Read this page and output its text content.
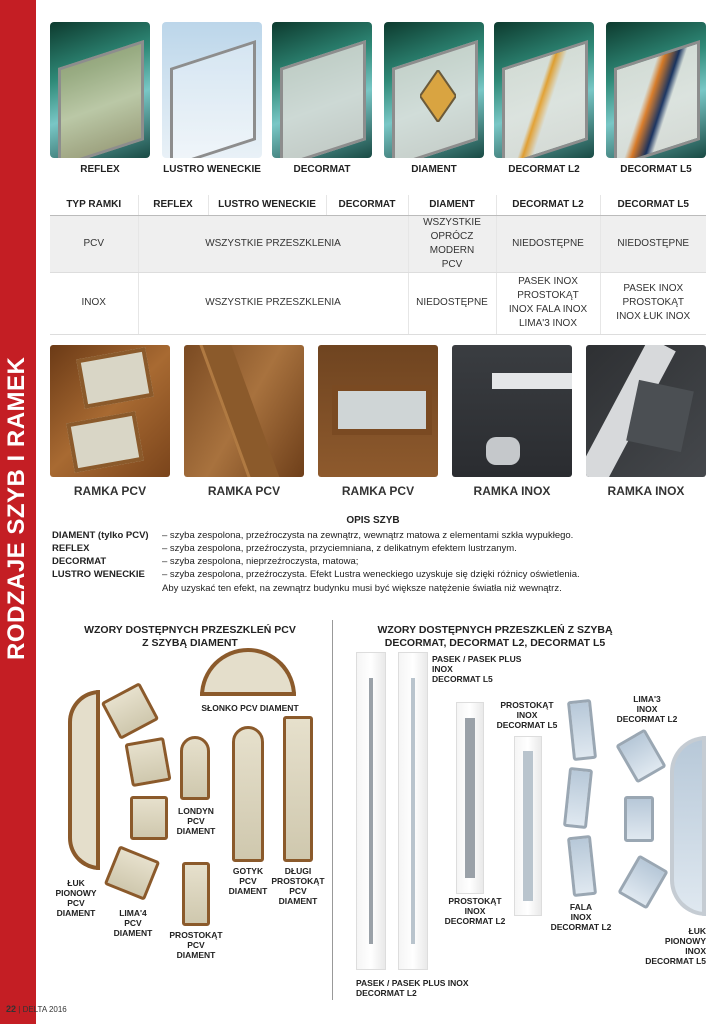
RODZAJE SZYB I RAMEK
REFLEX	LUSTRO WENECKIE	DECORMAT	DIAMENT	DECORMAT L2	DECORMAT L5
TYP RAMKI	REFLEX	LUSTRO WENECKIE	DECORMAT	DIAMENT	DECORMAT L2	DECORMAT L5
PCV	WSZYSTKIE PRZESZKLENIA			WSZYSTKIE OPRÓCZ MODERN PCV	NIEDOSTĘPNE	NIEDOSTĘPNE
INOX	WSZYSTKIE PRZESZKLENIA			NIEDOSTĘPNE	PASEK INOX PROSTOKĄT INOX FALA INOX LIMA'3 INOX	PASEK INOX PROSTOKĄT INOX ŁUK INOX
RAMKA PCV	RAMKA PCV	RAMKA PCV	RAMKA INOX	RAMKA INOX
OPIS SZYB
DIAMENT (tylko PCV) – szyba zespolona, przeźroczysta na zewnątrz, wewnątrz matowa z elementami szkła wypukłego.
REFLEX	– szyba zespolona, przeźroczysta, przyciemniana, z delikatnym efektem lustrzanym.
DECORMAT	– szyba zespolona, nieprzeźroczysta, matowa;
LUSTRO WENECKIE – szyba zespolona, przeźroczysta. Efekt Lustra weneckiego uzyskuje się dzięki różnicy oświetlenia.
Aby uzyskać ten efekt, na zewnątrz budynku musi być większe natężenie światła niż wewnątrz.
WZORY DOSTĘPNYCH PRZESZKLEŃ PCV
Z SZYBĄ DIAMENT
WZORY DOSTĘPNYCH PRZESZKLEŃ Z SZYBĄ
DECORMAT, DECORMAT L2, DECORMAT L5
SŁONKO PCV DIAMENT
LONDYN
PCV
DIAMENT
GOTYK
PCV
DIAMENT
DŁUGI
PROSTOKĄT
PCV
DIAMENT
PROSTOKĄT
PCV
DIAMENT
ŁUK
PIONOWY
PCV
DIAMENT	LIMA'4
PCV
DIAMENT
PASEK / PASEK PLUS
INOX
DECORMAT L5
PROSTOKĄT
INOX
DECORMAT L2
PROSTOKĄT
INOX
DECORMAT L5
FALA
INOX
DECORMAT L2
LIMA'3
INOX
DECORMAT L2
ŁUK
PIONOWY
INOX
DECORMAT L5
PASEK / PASEK PLUS INOX
DECORMAT L2
22 | DELTA 2016
